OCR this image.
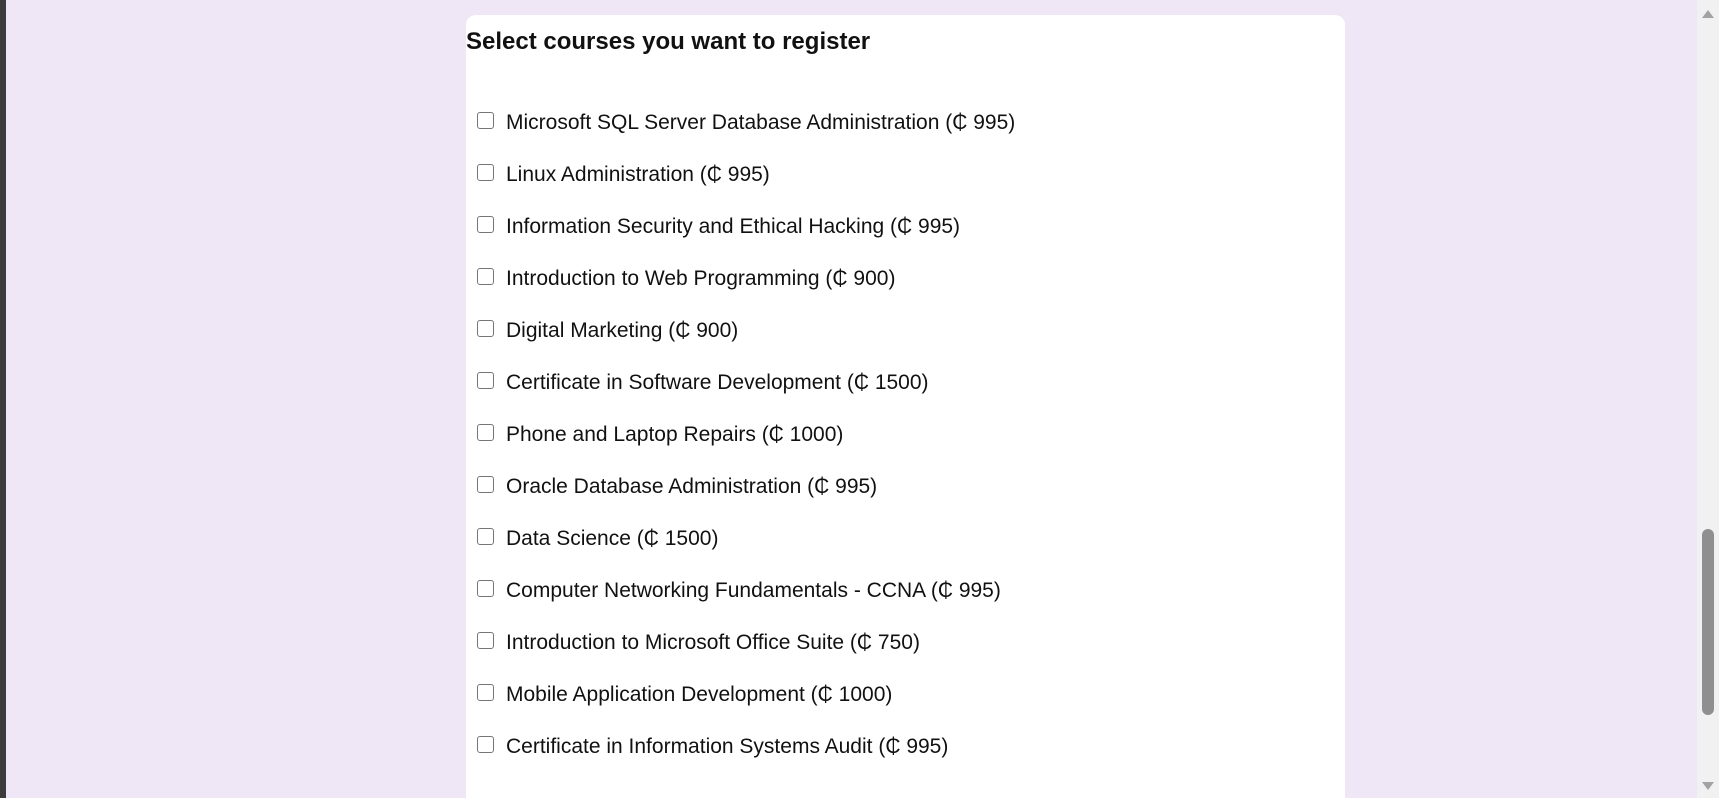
Select courses you want to register
Microsoft SQL Server Database Administration (₵ 995)
Linux Administration (₵ 995)
Information Security and Ethical Hacking (₵ 995)
Introduction to Web Programming (₵ 900)
Digital Marketing (₵ 900)
Certificate in Software Development (₵ 1500)
Phone and Laptop Repairs (₵ 1000)
Oracle Database Administration (₵ 995)
Data Science (₵ 1500)
Computer Networking Fundamentals - CCNA (₵ 995)
Introduction to Microsoft Office Suite (₵ 750)
Mobile Application Development (₵ 1000)
Certificate in Information Systems Audit (₵ 995)
